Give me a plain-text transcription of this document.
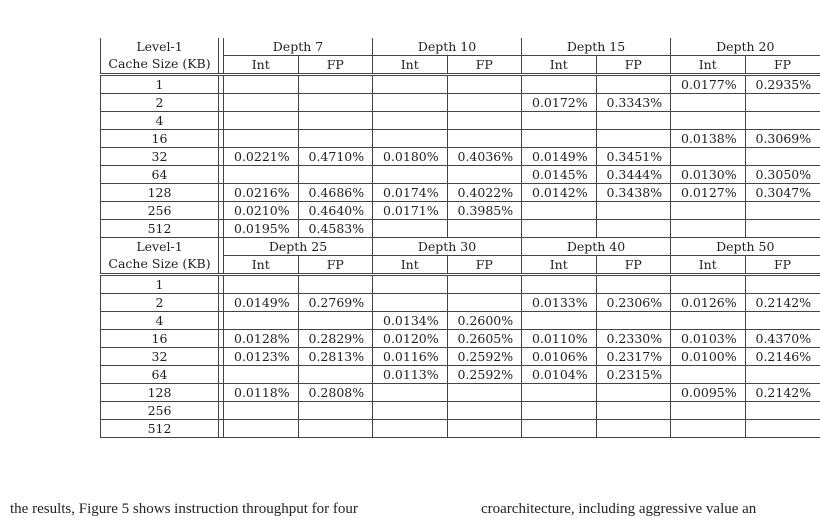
Level-1		Depth 7		Depth 10		Depth 15		Depth 20	
Cache Size (KB)		Int	FP	Int	FP	Int	FP	Int	FP
1								0.0177%	0.2935%
2						0.0172%	0.3343%		
4									
16								0.0138%	0.3069%
32		0.0221%	0.4710%	0.0180%	0.4036%	0.0149%	0.3451%		
64						0.0145%	0.3444%	0.0130%	0.3050%
128		0.0216%	0.4686%	0.0174%	0.4022%	0.0142%	0.3438%	0.0127%	0.3047%
256		0.0210%	0.4640%	0.0171%	0.3985%				
512		0.0195%	0.4583%						
Level-1		Depth 25		Depth 30		Depth 40		Depth 50	
Cache Size (KB)		Int	FP	Int	FP	Int	FP	Int	FP
1									
2		0.0149%	0.2769%			0.0133%	0.2306%	0.0126%	0.2142%
4				0.0134%	0.2600%				
16		0.0128%	0.2829%	0.0120%	0.2605%	0.0110%	0.2330%	0.0103%	0.4370%
32		0.0123%	0.2813%	0.0116%	0.2592%	0.0106%	0.2317%	0.0100%	0.2146%
64				0.0113%	0.2592%	0.0104%	0.2315%		
128		0.0118%	0.2808%					0.0095%	0.2142%
256									
512									
the results, Figure 5 shows instruction throughput for four	croarchitecture, including aggressive value an
